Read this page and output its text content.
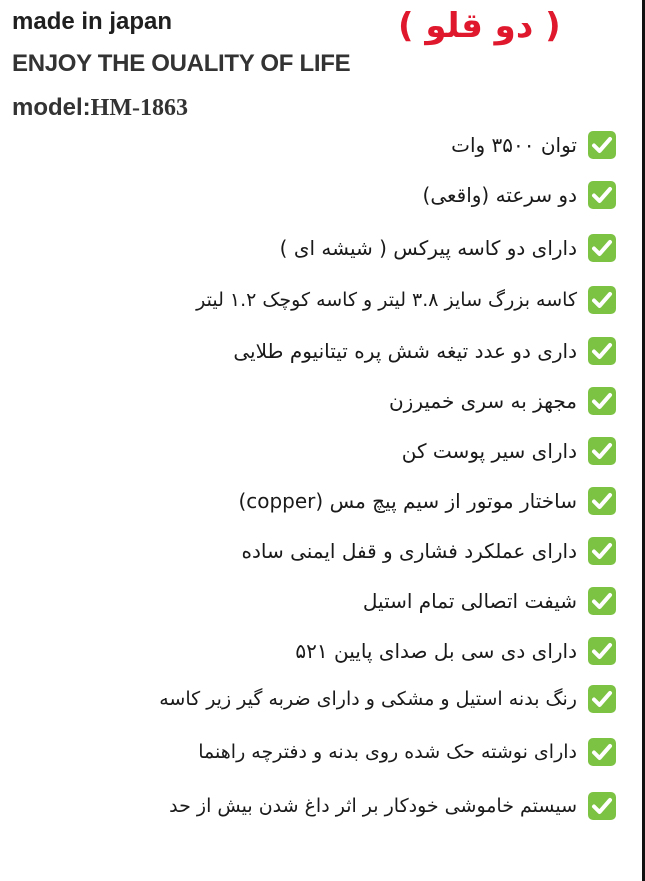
made in japan
ENJOY THE OUALITY OF LIFE
model:HM-1863
( دو قلو )
توان ۳۵۰۰ وات
دو سرعته (واقعی)
دارای دو کاسه پیرکس ( شیشه ای )
کاسه بزرگ سایز ۳.۸ لیتر و کاسه کوچک ۱.۲ لیتر
داری دو عدد تیغه شش پره تیتانیوم طلایی
مجهز به سری خمیرزن
دارای سیر پوست کن
ساختار موتور از سیم پیچ مس (copper)
دارای عملکرد فشاری و قفل ایمنی ساده
شیفت اتصالی تمام استیل
دارای دی سی بل صدای پایین ۵۲۱
رنگ بدنه استیل و مشکی و دارای ضربه گیر زیر کاسه
دارای نوشته حک شده روی بدنه و دفترچه راهنما
سیستم خاموشی خودکار بر اثر داغ شدن بیش از حد
